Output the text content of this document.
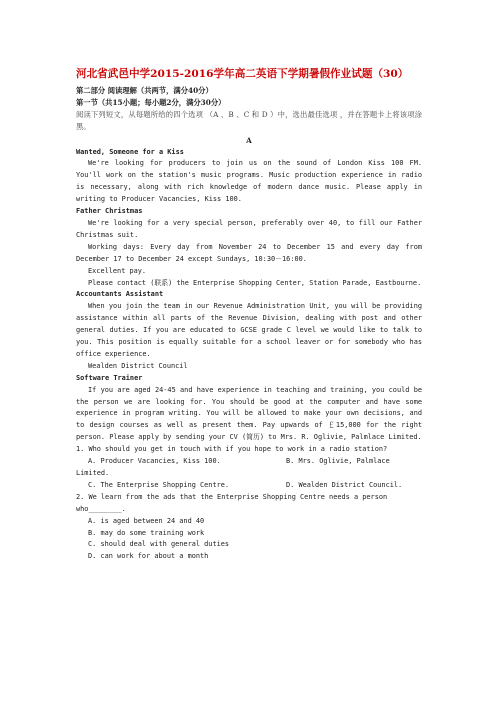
河北省武邑中学2015-2016学年高二英语下学期暑假作业试题（30）

第二部分 阅读理解（共两节，满分40分）

第一节（共15小题；每小题2分，满分30分）

阅读下列短文，从每题所给的四个选项 （A 、B 、C 和 D ）中，选出最佳选项 ，并在答题卡上将该项涂黑。

A

Wanted, Someone for a Kiss

We're looking for producers to join us on the sound of London Kiss 100 FM. You'll work on the station's music programs. Music production experience in radio is necessary, along with rich knowledge of modern dance music. Please apply in writing to Producer Vacancies, Kiss 100.

Father Christmas

We're looking for a very special person, preferably over 40, to fill our Father Christmas suit.

Working days: Every day from November 24 to December 15 and every day from December 17 to December 24 except Sundays, 10:30－16:00.

Excellent pay.

Please contact (联系) the Enterprise Shopping Center, Station Parade, Eastbourne.

Accountants Assistant

When you join the team in our Revenue Administration Unit, you will be providing assistance within all parts of the Revenue Division, dealing with post and other general duties. If you are educated to GCSE grade C level we would like to talk to you. This position is equally suitable for a school leaver or for somebody who has office experience.

Wealden District Council

Software Trainer

If you are aged 24-45 and have experience in teaching and training, you could be the person we are looking for. You should be good at the computer and have some experience in program writing. You will be allowed to make your own decisions, and to design courses as well as present them. Pay upwards of ￡15,000 for the right person. Please apply by sending your CV (简历) to Mrs. R. Oglivie, Palmlace Limited.

1. Who should you get in touch with if you hope to work in a radio station?

A. Producer Vacancies, Kiss 100.	B. Mrs. Oglivie, Palmlace

Limited.

C. The Enterprise Shopping Centre.	D. Wealden District Council.

2. We learn from the ads that the Enterprise Shopping Centre needs a person

who________.

A. is aged between 24 and 40

B. may do some training work

C. should deal with general duties

D. can work for about a month
